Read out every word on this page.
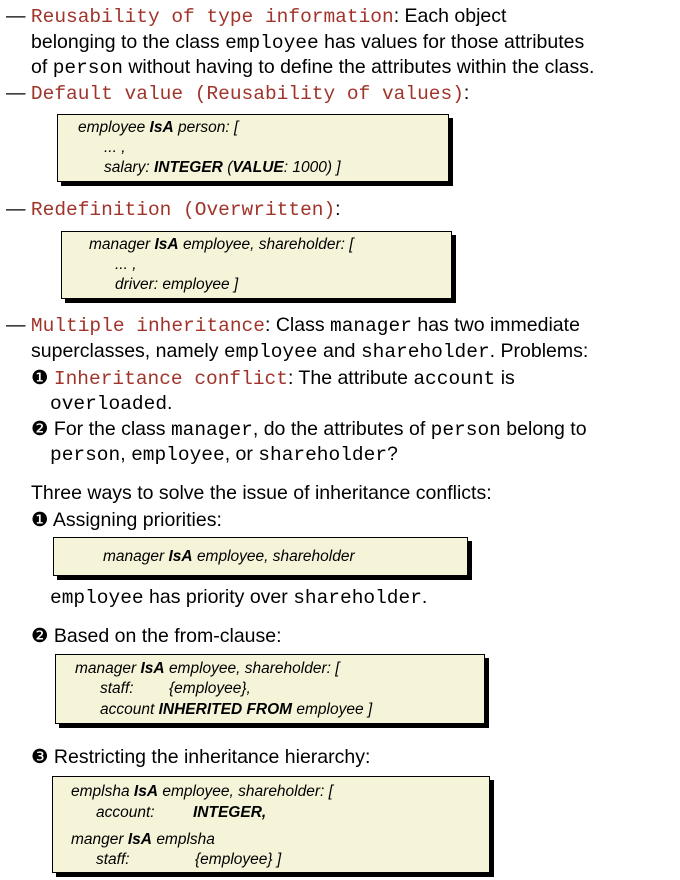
— Reusability of type information: Each object
belonging to the class employee has values for those attributes
of person without having to define the attributes within the class.
— Default value (Reusability of values):
employee IsA person: [
... ,
salary: INTEGER (VALUE: 1000) ]
— Redefinition (Overwritten):
manager IsA employee, shareholder: [
... ,
driver: employee ]
— Multiple inheritance: Class manager has two immediate
superclasses, namely employee and shareholder. Problems:
❶ Inheritance conflict: The attribute account is
overloaded.
❷ For the class manager, do the attributes of person belong to
person, employee, or shareholder?
Three ways to solve the issue of inheritance conflicts:
❶ Assigning priorities:
manager IsA employee, shareholder
employee has priority over shareholder.
❷ Based on the from-clause:
manager IsA employee, shareholder: [
staff: {employee},
account INHERITED FROM employee ]
❸ Restricting the inheritance hierarchy:
emplsha IsA employee, shareholder: [
account: INTEGER,
manger IsA emplsha
staff:	{employee} ]
